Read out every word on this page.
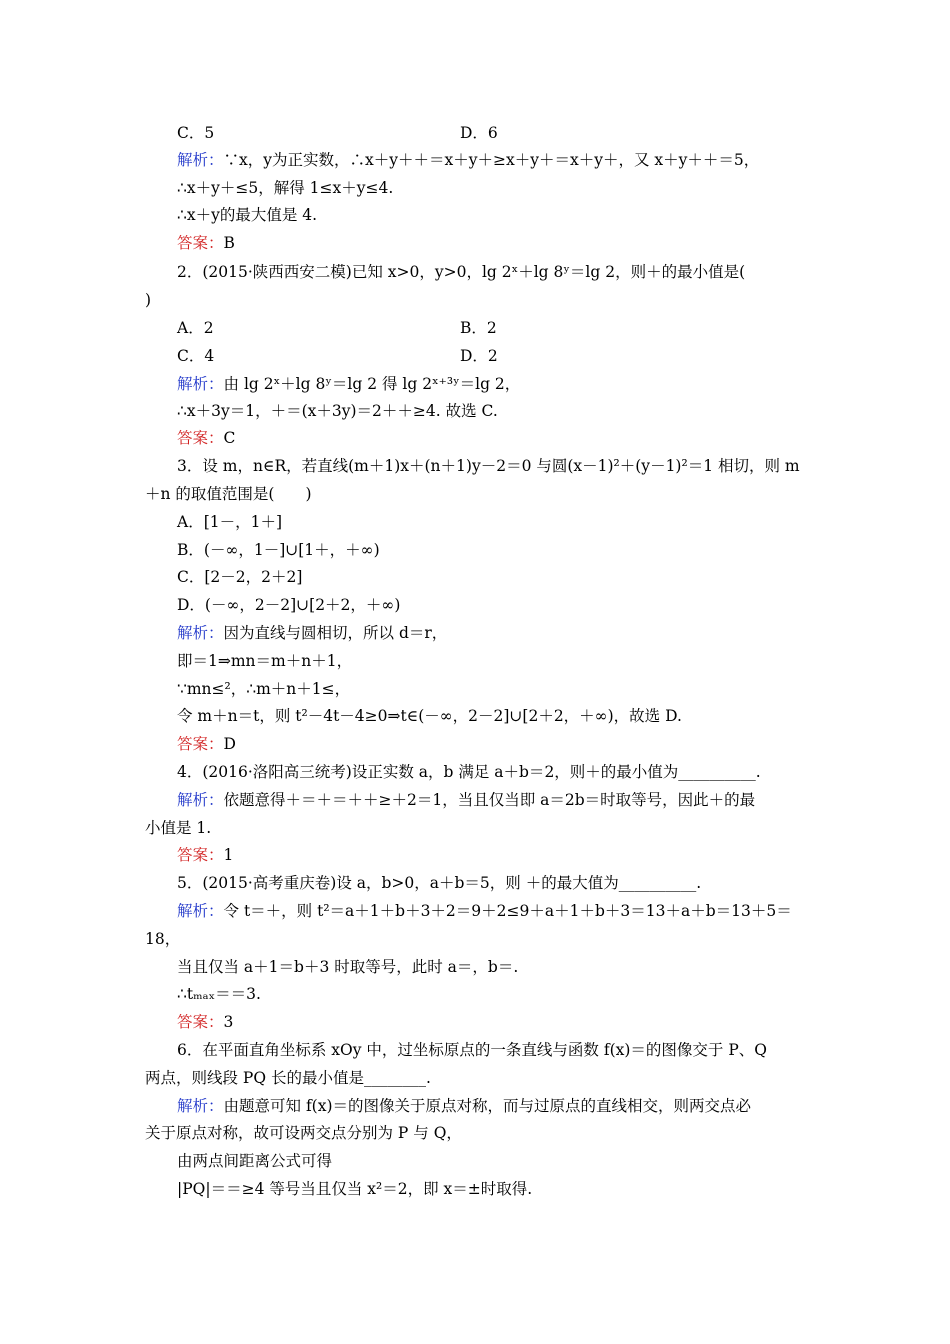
C．5	D．6
解析：∵x，y为正实数，∴x＋y＋＋＝x＋y＋≥x＋y＋＝x＋y＋，又 x＋y＋＋＝5，
∴x＋y＋≤5，解得 1≤x＋y≤4.
∴x＋y的最大值是 4.
答案：B
2．(2015·陕西西安二模)已知 x>0，y>0，lg 2ˣ＋lg 8ʸ＝lg 2，则＋的最小值是(
)
A．2	B．2
C．4	D．2
解析：由 lg 2ˣ＋lg 8ʸ＝lg 2 得 lg 2ˣ⁺³ʸ＝lg 2，
∴x＋3y＝1，＋＝(x＋3y)＝2＋＋≥4. 故选 C.
答案：C
3．设 m，n∈R，若直线(m＋1)x＋(n＋1)y－2＝0 与圆(x－1)²＋(y－1)²＝1 相切，则 m
＋n 的取值范围是(　　)
A．[1－，1＋]
B．(－∞，1－]∪[1＋，＋∞)
C．[2－2，2＋2]
D．(－∞，2－2]∪[2＋2，＋∞)
解析：因为直线与圆相切，所以 d＝r，
即＝1⇒mn＝m＋n＋1，
∵mn≤²，∴m＋n＋1≤，
令 m＋n＝t，则 t²－4t－4≥0⇒t∈(－∞，2－2]∪[2＋2，＋∞)，故选 D.
答案：D
4．(2016·洛阳高三统考)设正实数 a，b 满足 a＋b＝2，则＋的最小值为__________.
解析：依题意得＋＝＋＝＋＋≥＋2＝1，当且仅当即 a＝2b＝时取等号，因此＋的最
小值是 1.
答案：1
5．(2015·高考重庆卷)设 a，b>0，a＋b＝5，则 ＋的最大值为__________.
解析：令 t＝＋，则 t²＝a＋1＋b＋3＋2＝9＋2≤9＋a＋1＋b＋3＝13＋a＋b＝13＋5＝
18，
当且仅当 a＋1＝b＋3 时取等号，此时 a＝，b＝.
∴tₘₐₓ＝＝3.
答案：3
6．在平面直角坐标系 xOy 中，过坐标原点的一条直线与函数 f(x)＝的图像交于 P、Q
两点，则线段 PQ 长的最小值是________.
解析：由题意可知 f(x)＝的图像关于原点对称，而与过原点的直线相交，则两交点必
关于原点对称，故可设两交点分别为 P 与 Q，
由两点间距离公式可得
|PQ|＝＝≥4 等号当且仅当 x²＝2，即 x＝±时取得.
